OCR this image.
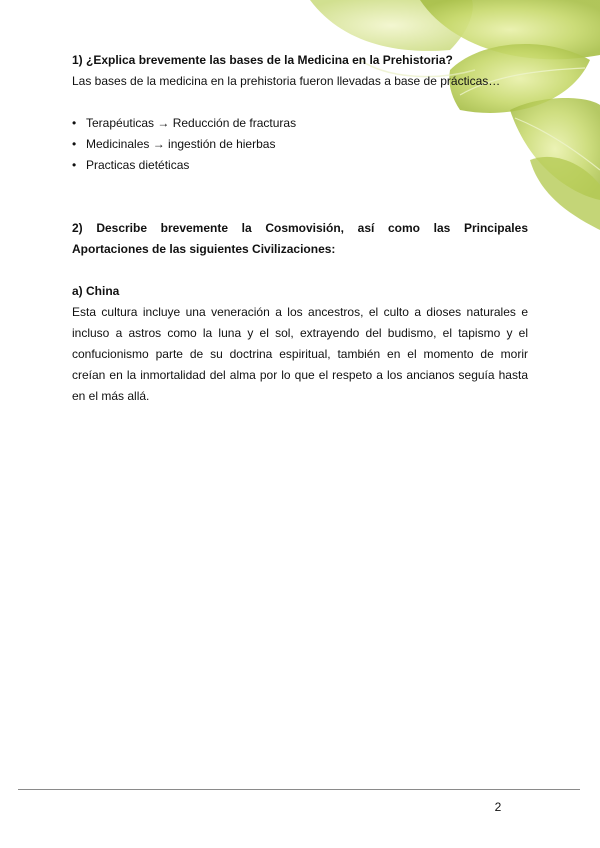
1) ¿Explica brevemente las bases de la Medicina en la Prehistoria?

Las bases de la medicina en la prehistoria fueron llevadas a base de prácticas…

• Terapéuticas → Reducción de fracturas
• Medicinales → ingestión de hierbas
• Practicas dietéticas

2) Describe brevemente la Cosmovisión, así como las Principales

Aportaciones de las siguientes Civilizaciones:

a) China

Esta cultura incluye una veneración a los ancestros, el culto a dioses naturales e

incluso a astros como la luna y el sol, extrayendo del budismo, el tapismo y el

confucionismo parte de su doctrina espiritual, también en el momento de morir

creían en la inmortalidad del alma por lo que el respeto a los ancianos seguía hasta

en el más allá.

2
